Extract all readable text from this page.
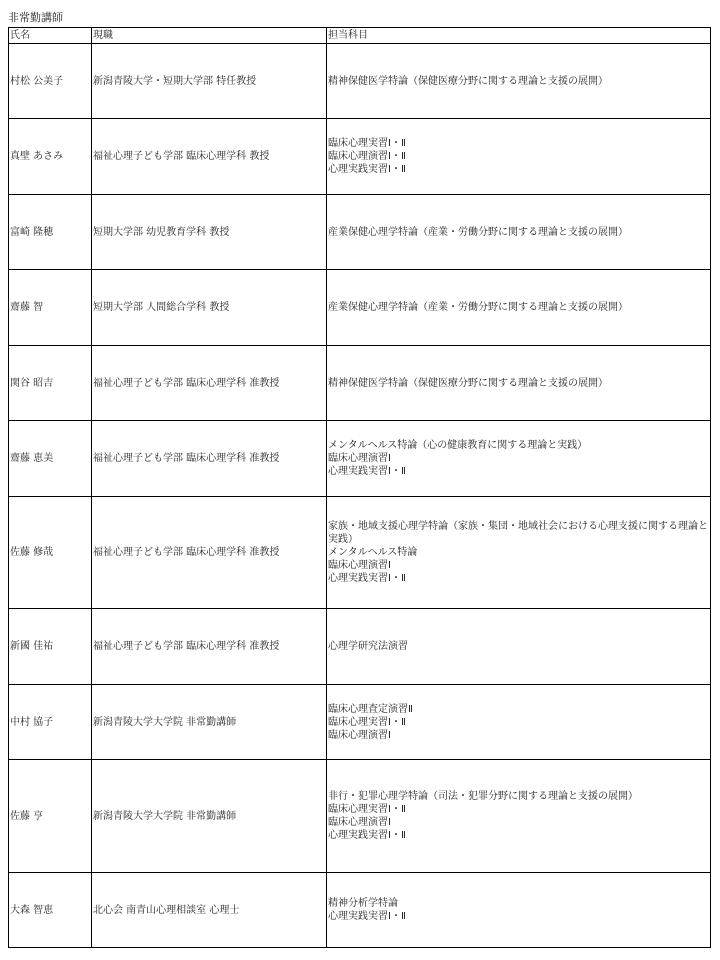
非常勤講師
氏名	現職	担当科目
村松 公美子	新潟青陵大学・短期大学部 特任教授	精神保健医学特論（保健医療分野に関する理論と支援の展開）

真壁 あさみ	福祉心理子ども学部 臨床心理学科 教授	臨床心理実習Ⅰ・Ⅱ
臨床心理演習Ⅰ・Ⅱ
心理実践実習Ⅰ・Ⅱ

富崎 隆穂	短期大学部 幼児教育学科 教授	産業保健心理学特論（産業・労働分野に関する理論と支援の展開）

齋藤 智	短期大学部 人間総合学科 教授	産業保健心理学特論（産業・労働分野に関する理論と支援の展開）

関谷 昭吉	福祉心理子ども学部 臨床心理学科 准教授	精神保健医学特論（保健医療分野に関する理論と支援の展開）

齋藤 恵美	福祉心理子ども学部 臨床心理学科 准教授	メンタルヘルス特論（心の健康教育に関する理論と実践）
臨床心理演習Ⅰ
心理実践実習Ⅰ・Ⅱ

佐藤 修哉	福祉心理子ども学部 臨床心理学科 准教授	家族・地域支援心理学特論（家族・集団・地域社会における心理支援に関する理論と実践）
メンタルヘルス特論
臨床心理演習Ⅰ
心理実践実習Ⅰ・Ⅱ

新國 佳祐	福祉心理子ども学部 臨床心理学科 准教授	心理学研究法演習

中村 協子	新潟青陵大学大学院 非常勤講師	臨床心理査定演習Ⅱ
臨床心理実習Ⅰ・Ⅱ
臨床心理演習Ⅰ

佐藤 亨	新潟青陵大学大学院 非常勤講師	非行・犯罪心理学特論（司法・犯罪分野に関する理論と支援の展開）
臨床心理実習Ⅰ・Ⅱ
臨床心理演習Ⅰ
心理実践実習Ⅰ・Ⅱ

大森 智恵	北心会 南青山心理相談室 心理士	精神分析学特論
心理実践実習Ⅰ・Ⅱ
